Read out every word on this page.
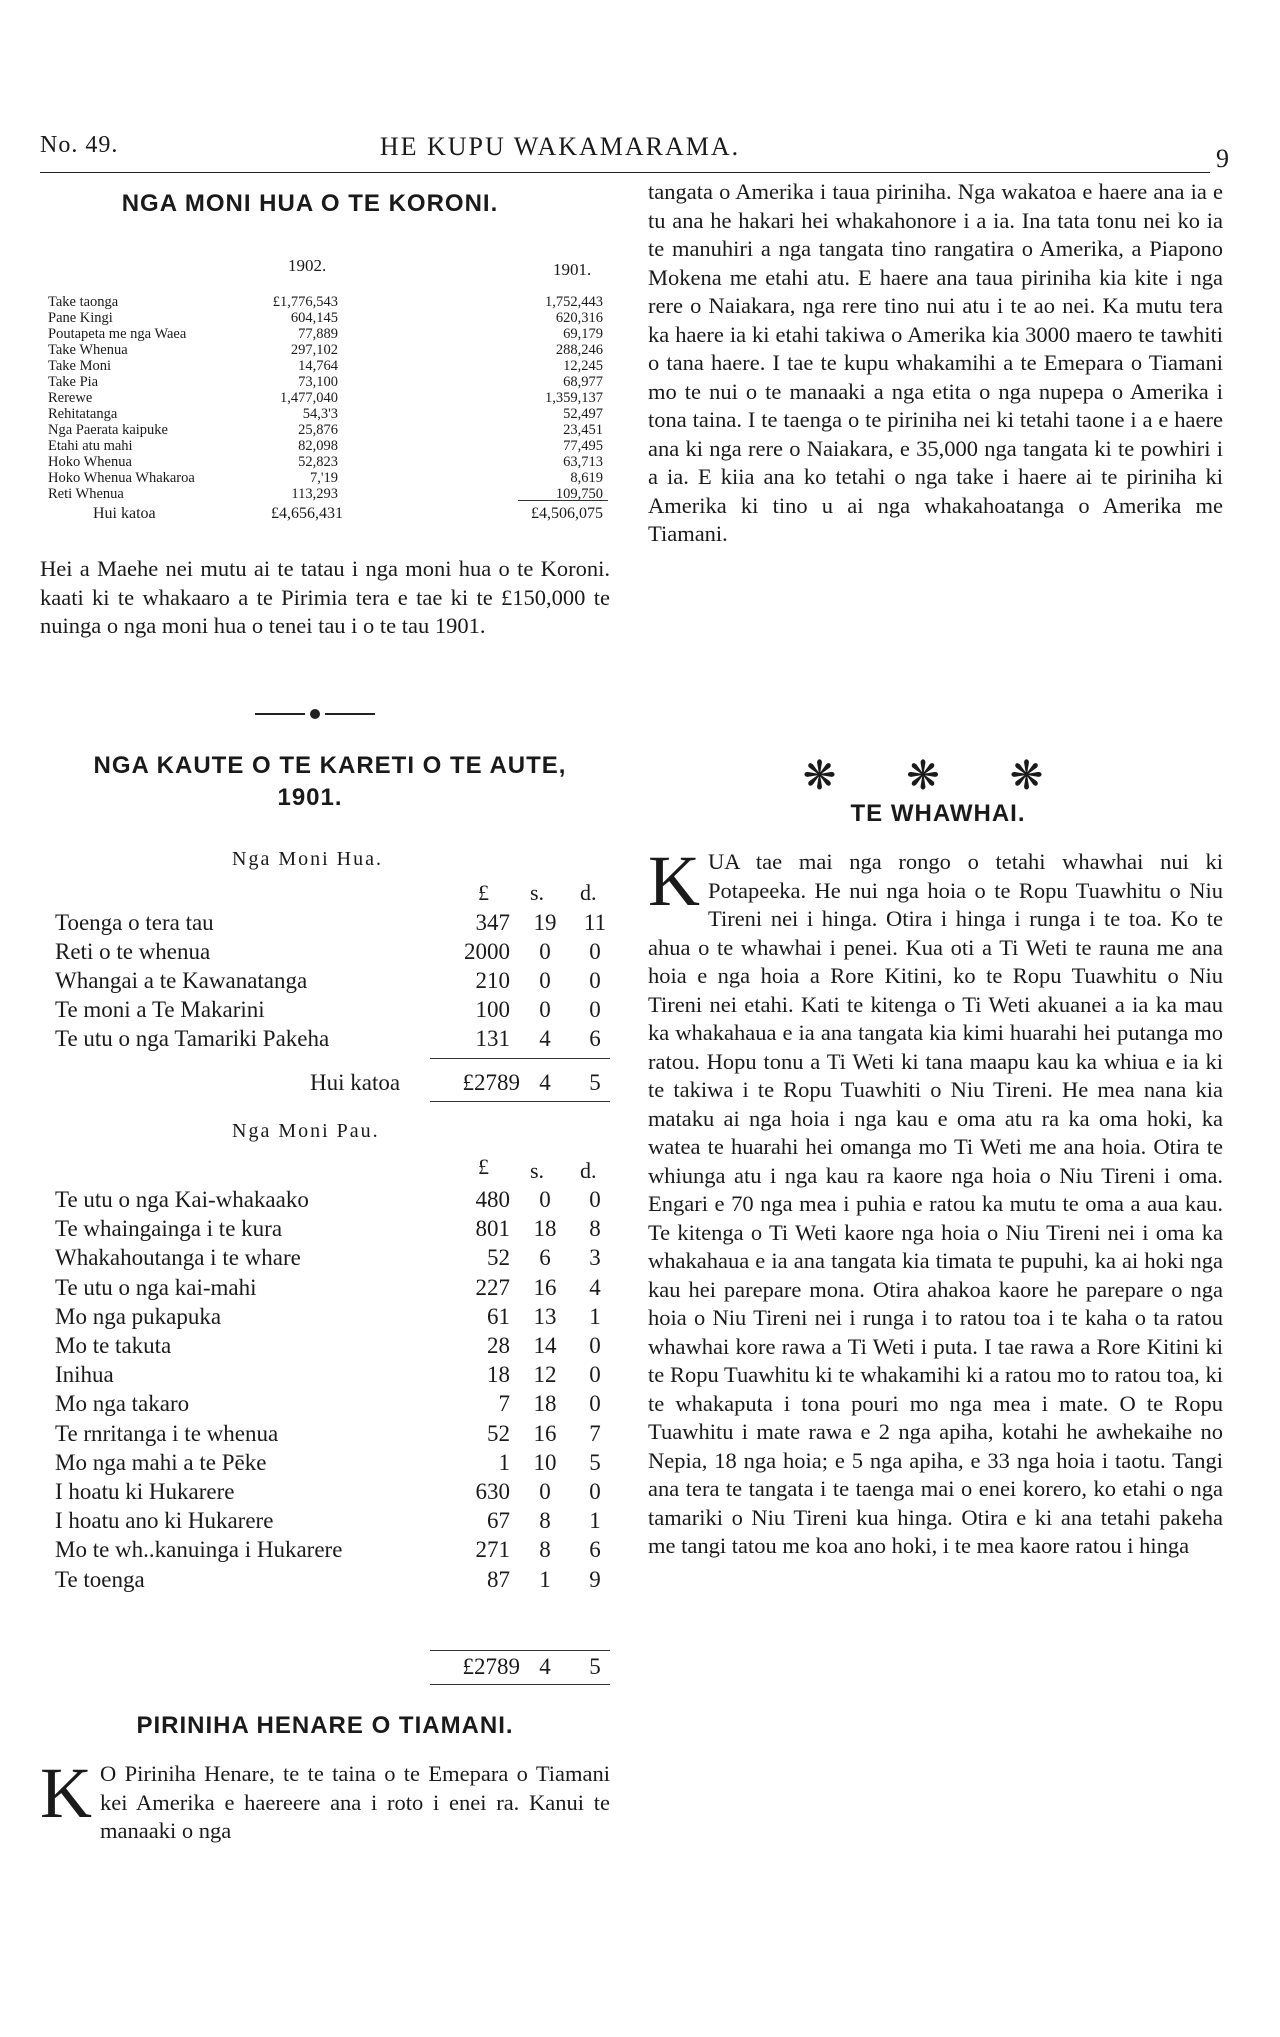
No. 49.	HE KUPU WAKAMARAMA.	9
NGA MONI HUA O TE KORONI.
1902.	1901.
Take taonga	£1,776,543	1,752,443
Pane Kingi	604,145	620,316
Poutapeta me nga Waea	77,889	69,179
Take Whenua	297,102	288,246
Take Moni	14,764	12,245
Take Pia	73,100	68,977
Rerewe	1,477,040	1,359,137
Rehitatanga	54,3'3	52,497
Nga Paerata kaipuke	25,876	23,451
Etahi atu mahi	82,098	77,495
Hoko Whenua	52,823	63,713
Hoko Whenua Whakaroa	7,'19	8,619
Reti Whenua	113,293	109,750
Hui katoa	£4,656,431	£4,506,075

Hei a Maehe nei mutu ai te tatau i nga moni hua o te Koroni. kaati ki te whakaaro a te Pirimia tera e tae ki te £150,000 te nuinga o nga moni hua o tenei tau i o te tau 1901.

NGA KAUTE O TE KARETI O TE AUTE,
1901.
Nga Moni Hua.
£ s. d.
Toenga o tera tau	347	19	11
Reti o te whenua	2000	0	0
Whangai a te Kawanatanga	210	0	0
Te moni a Te Makarini	100	0	0
Te utu o nga Tamariki Pakeha	131	4	6
Hui katoa	£2789 4	5
Nga Moni Pau.
£ s. d.
Te utu o nga Kai-whakaako	480	0	0
Te whaingainga i te kura	801	18	8
Whakahoutanga i te whare	52	6	3
Te utu o nga kai-mahi	227	16	4
Mo nga pukapuka	61	13	1
Mo te takuta	28	14	0
Inihua	18	12	0
Mo nga takaro	7	18	0
Te rnritanga i te whenua	52	16	7
Mo nga mahi a te Pēke	1	10	5
I hoatu ki Hukarere	630	0	0
I hoatu ano ki Hukarere	67	8	1
Mo te wh..kanuinga i Hukarere	271	8	6
Te toenga	87	1	9
£2789 4	5
PIRINIHA HENARE O TIAMANI.
K O Piriniha Henare, te te taina o te Emepara o Tiamani kei Amerika e haereere ana i roto i enei ra. Kanui te manaaki o nga

tangata o Amerika i taua piriniha. Nga wakatoa e haere ana ia e tu ana he hakari hei whakahonore i a ia. Ina tata tonu nei ko ia te manuhiri a nga tangata tino rangatira o Amerika, a Piapono Mokena me etahi atu. E haere ana taua piriniha kia kite i nga rere o Naiakara, nga rere tino nui atu i te ao nei. Ka mutu tera ka haere ia ki etahi takiwa o Amerika kia 3000 maero te tawhiti o tana haere. I tae te kupu whakamihi a te Emepara o Tiamani mo te nui o te manaaki a nga etita o nga nupepa o Amerika i tona taina. I te taenga o te piriniha nei ki tetahi taone i a e haere ana ki nga rere o Naiakara, e 35,000 nga tangata ki te powhiri i a ia. E kiia ana ko tetahi o nga take i haere ai te piriniha ki Amerika ki tino u ai nga whakahoatanga o Amerika me Tiamani.

❋ ❋ ❋
TE WHAWHAI.
K UA tae mai nga rongo o tetahi whawhai nui ki Potapeeka. He nui nga hoia o te Ropu Tuawhitu o Niu Tireni nei i hinga. Otira i hinga i runga i te toa. Ko te ahua o te whawhai i penei. Kua oti a Ti Weti te rauna me ana hoia e nga hoia a Rore Kitini, ko te Ropu Tuawhitu o Niu Tireni nei etahi. Kati te kitenga o Ti Weti akuanei a ia ka mau ka whakahaua e ia ana tangata kia kimi huarahi hei putanga mo ratou. Hopu tonu a Ti Weti ki tana maapu kau ka whiua e ia ki te takiwa i te Ropu Tuawhiti o Niu Tireni. He mea nana kia mataku ai nga hoia i nga kau e oma atu ra ka oma hoki, ka watea te huarahi hei omanga mo Ti Weti me ana hoia. Otira te whiunga atu i nga kau ra kaore nga hoia o Niu Tireni i oma. Engari e 70 nga mea i puhia e ratou ka mutu te oma a aua kau. Te kitenga o Ti Weti kaore nga hoia o Niu Tireni nei i oma ka whakahaua e ia ana tangata kia timata te pupuhi, ka ai hoki nga kau hei parepare mona. Otira ahakoa kaore he parepare o nga hoia o Niu Tireni nei i runga i to ratou toa i te kaha o ta ratou whawhai kore rawa a Ti Weti i puta. I tae rawa a Rore Kitini ki te Ropu Tuawhitu ki te whakamihi ki a ratou mo to ratou toa, ki te whakaputa i tona pouri mo nga mea i mate. O te Ropu Tuawhitu i mate rawa e 2 nga apiha, kotahi he awhekaihe no Nepia, 18 nga hoia; e 5 nga apiha, e 33 nga hoia i taotu. Tangi ana tera te tangata i te taenga mai o enei korero, ko etahi o nga tamariki o Niu Tireni kua hinga. Otira e ki ana tetahi pakeha me tangi tatou me koa ano hoki, i te mea kaore ratou i hinga
